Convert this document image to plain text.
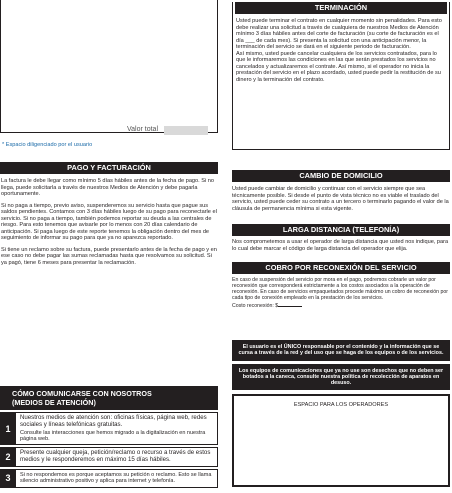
Valor total
* Espacio diligenciado por el usuario
PAGO Y FACTURACIÓN

La factura le debe llegar como mínimo 5 días hábiles antes de la fecha de pago. Si no llega, puede solicitarla a través de nuestros Medios de Atención y debe pagarla oportunamente.

Si no paga a tiempo, previo aviso, suspenderemos su servicio hasta que pague sus saldos pendientes. Contamos con 3 días hábiles luego de su pago para reconectarle el servicio. Si no paga a tiempo, también podemos reportar su deuda a las centrales de riesgo. Para esto tenemos que avisarle por lo menos con 20 días calendario de anticipación. Si paga luego de este reporte tenemos la obligación dentro del mes de seguimiento de informar su pago para que ya no aparezca reportado.

Si tiene un reclamo sobre su factura, puede presentarlo antes de la fecha de pago y en ese caso no debe pagar las sumas reclamadas hasta que resolvamos su solicitud. Si ya pagó, tiene 6 meses para presentar la reclamación.

CÓMO COMUNICARSE CON NOSOTROS
(MEDIOS DE ATENCIÓN)
1
Nuestros medios de atención son: oficinas físicas, página web, redes sociales y líneas telefónicas gratuitas.
Consulte las interacciones que hemos migrado a la digitalización en nuestra página web.
2	Presente cualquier queja, petición/reclamo o recurso a través de estos medios y le responderemos en máximo 15 días hábiles.
3	Si no respondemos es porque aceptamos su petición o reclamo. Esto se llama silencio administrativo positivo y aplica para internet y telefonía.
TERMINACIÓN

Usted puede terminar el contrato en cualquier momento sin penalidades. Para esto debe realizar una solicitud a través de cualquiera de nuestros Medios de Atención mínimo 3 días hábiles antes del corte de facturación (su corte de facturación es el día ___ de cada mes). Si presenta la solicitud con una anticipación menor, la terminación del servicio se dará en el siguiente periodo de facturación.

Así mismo, usted puede cancelar cualquiera de los servicios contratados, para lo que le informaremos las condiciones en las que serán prestados los servicios no cancelados y actualizaremos el contrate. Así mismo, si el operador no inicia la prestación del servicio en el plazo acordado, usted puede pedir la restitución de su dinero y la terminación del contrato.

CAMBIO DE DOMICILIO

Usted puede cambiar de domicilio y continuar con el servicio siempre que sea técnicamente posible. Si desde el punto de vista técnico no es viable el traslado del servicio, usted puede ceder su contrato a un tercero o terminarlo pagando el valor de la cláusula de permanencia mínima si esta vigente.

LARGA DISTANCIA (TELEFONÍA)

Nos comprometemos a usar el operador de larga distancia que usted nos indique, para lo cual debe marcar el código de larga distancia del operador que elija.

COBRO POR RECONEXIÓN DEL SERVICIO

En caso de suspensión del servicio por mora en el pago, podremos cobrarle un valor por reconexión que corresponderá estrictamente a los costos asociados a la operación de reconexión. En caso de servicios empaquetados procede máximo un cobro de reconexión por cada tipo de conexión empleado en la prestación de los servicios.

Costo reconexión: $

El usuario es el ÚNICO responsable por el contenido y la información que se cursa a través de la red y del uso que se haga de los equipos o de los servicios.
Los equipos de comunicaciones que ya no use son desechos que no deben ser botados a la caneca, consulte nuestra política de recolección de aparatos en desuso.
ESPACIO PARA LOS OPERADORES
